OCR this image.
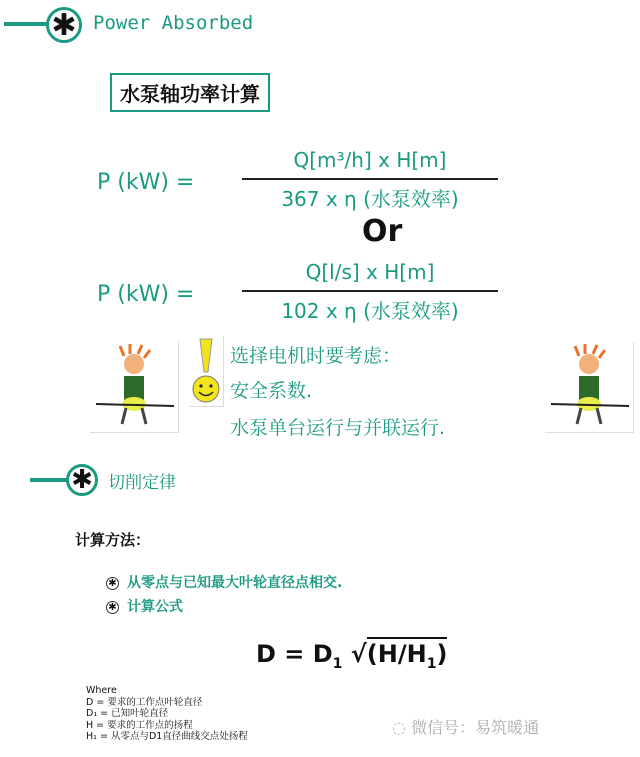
✱ Power Absorbed
水泵轴功率计算
P (kW) =
Q[m³/h] x H[m]
367 x η (水泵效率)
Or
P (kW) =
Q[l/s] x H[m]
102 x η (水泵效率)
选择电机时要考虑：
安全系数.
水泵单台运行与并联运行.
✱ 切削定律
计算方法：
✱ 从零点与已知最大叶轮直径点相交.
✱ 计算公式
$D = D_1$ $√(H/H_1)$
Where
D = 要求的工作点叶轮直径
D₁ = 已知叶轮直径
H = 要求的工作点的扬程
H₁ = 从零点与D1直径曲线交点处扬程	◌ 微信号：易筑暖通
